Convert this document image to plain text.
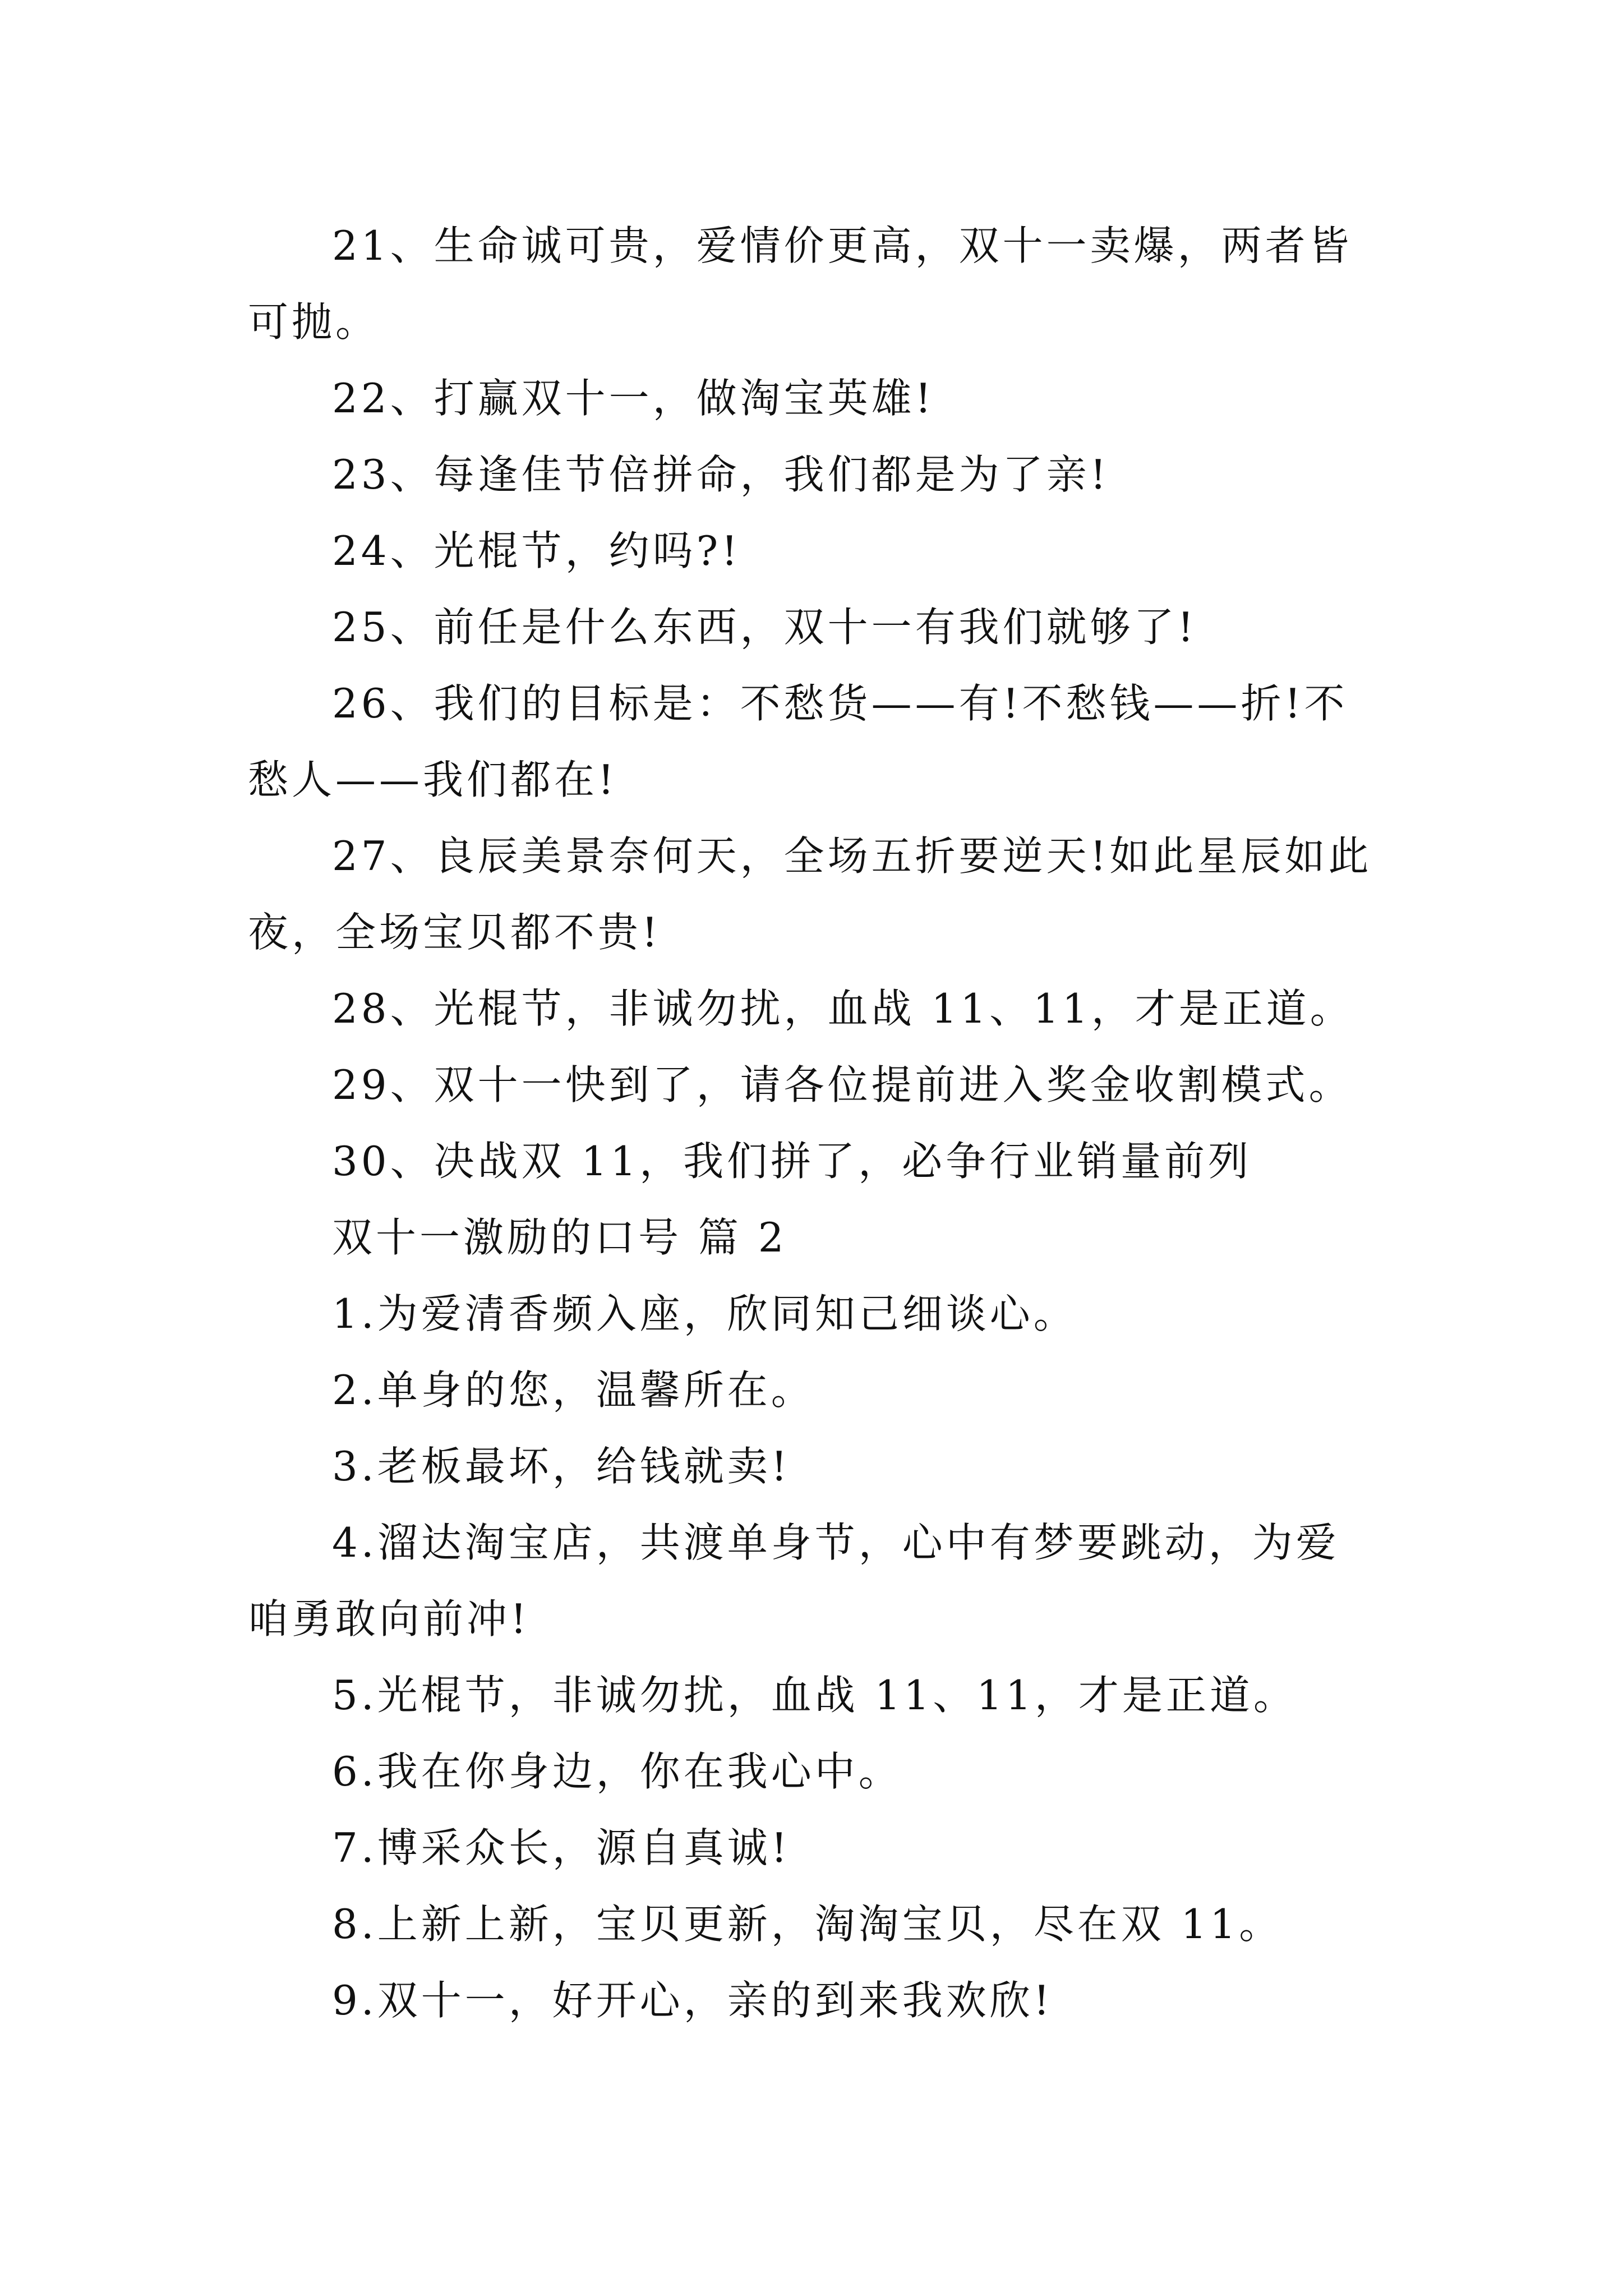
21、生命诚可贵，爱情价更高，双十一卖爆，两者皆可抛。

22、打赢双十一，做淘宝英雄!

23、每逢佳节倍拼命，我们都是为了亲!

24、光棍节，约吗?!

25、前任是什么东西，双十一有我们就够了!

26、我们的目标是：不愁货——有!不愁钱——折!不愁人——我们都在!

27、良辰美景奈何天，全场五折要逆天!如此星辰如此夜，全场宝贝都不贵!

28、光棍节，非诚勿扰，血战 11、11，才是正道。

29、双十一快到了，请各位提前进入奖金收割模式。

30、决战双 11，我们拼了，必争行业销量前列

双十一激励的口号 篇 2

1.为爱清香频入座，欣同知己细谈心。

2.单身的您，温馨所在。

3.老板最坏，给钱就卖!

4.溜达淘宝店，共渡单身节，心中有梦要跳动，为爱咱勇敢向前冲!

5.光棍节，非诚勿扰，血战 11、11，才是正道。

6.我在你身边，你在我心中。

7.博采众长，源自真诚!

8.上新上新，宝贝更新，淘淘宝贝，尽在双 11。

9.双十一，好开心，亲的到来我欢欣!
